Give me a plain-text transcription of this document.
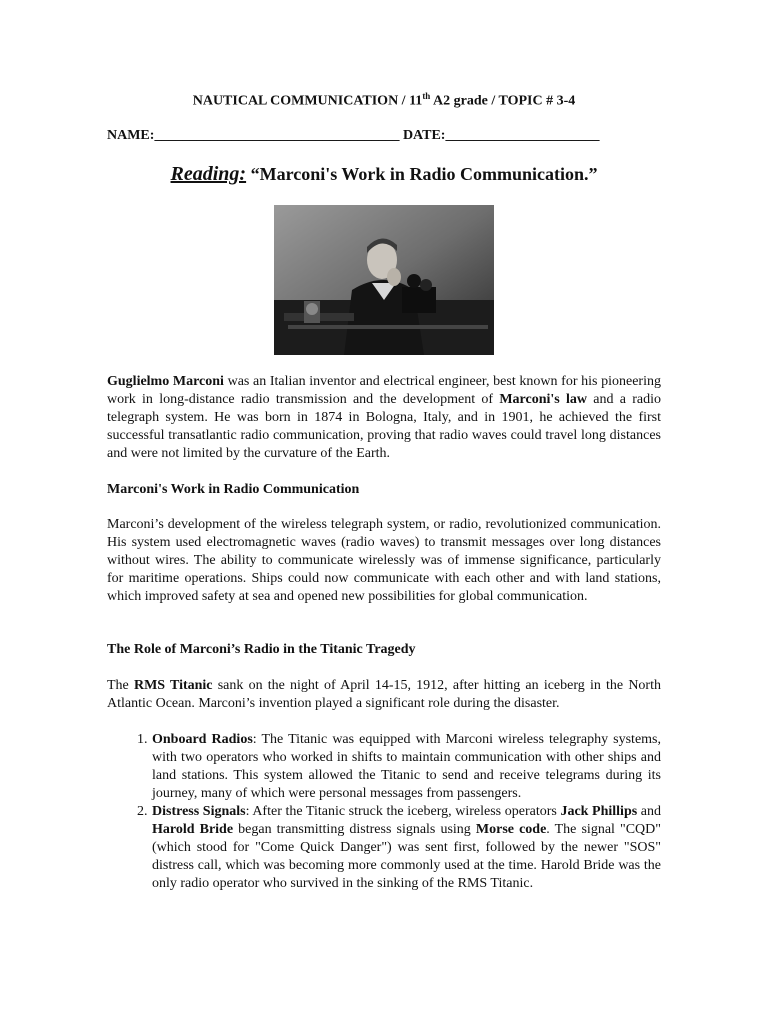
NAUTICAL COMMUNICATION / 11th A2 grade / TOPIC # 3-4
NAME:___________________________________ DATE:______________________
Reading: “Marconi's Work in Radio Communication.”
Guglielmo Marconi was an Italian inventor and electrical engineer, best known for his pioneering work in long-distance radio transmission and the development of Marconi's law and a radio telegraph system. He was born in 1874 in Bologna, Italy, and in 1901, he achieved the first successful transatlantic radio communication, proving that radio waves could travel long distances and were not limited by the curvature of the Earth.
Marconi's Work in Radio Communication
Marconi’s development of the wireless telegraph system, or radio, revolutionized communication. His system used electromagnetic waves (radio waves) to transmit messages over long distances without wires. The ability to communicate wirelessly was of immense significance, particularly for maritime operations. Ships could now communicate with each other and with land stations, which improved safety at sea and opened new possibilities for global communication.
The Role of Marconi’s Radio in the Titanic Tragedy
The RMS Titanic sank on the night of April 14-15, 1912, after hitting an iceberg in the North Atlantic Ocean. Marconi’s invention played a significant role during the disaster.
1. Onboard Radios: The Titanic was equipped with Marconi wireless telegraphy systems, with two operators who worked in shifts to maintain communication with other ships and land stations. This system allowed the Titanic to send and receive telegrams during its journey, many of which were personal messages from passengers.
2. Distress Signals: After the Titanic struck the iceberg, wireless operators Jack Phillips and Harold Bride began transmitting distress signals using Morse code. The signal "CQD" (which stood for "Come Quick Danger") was sent first, followed by the newer "SOS" distress call, which was becoming more commonly used at the time. Harold Bride was the only radio operator who survived in the sinking of the RMS Titanic.
